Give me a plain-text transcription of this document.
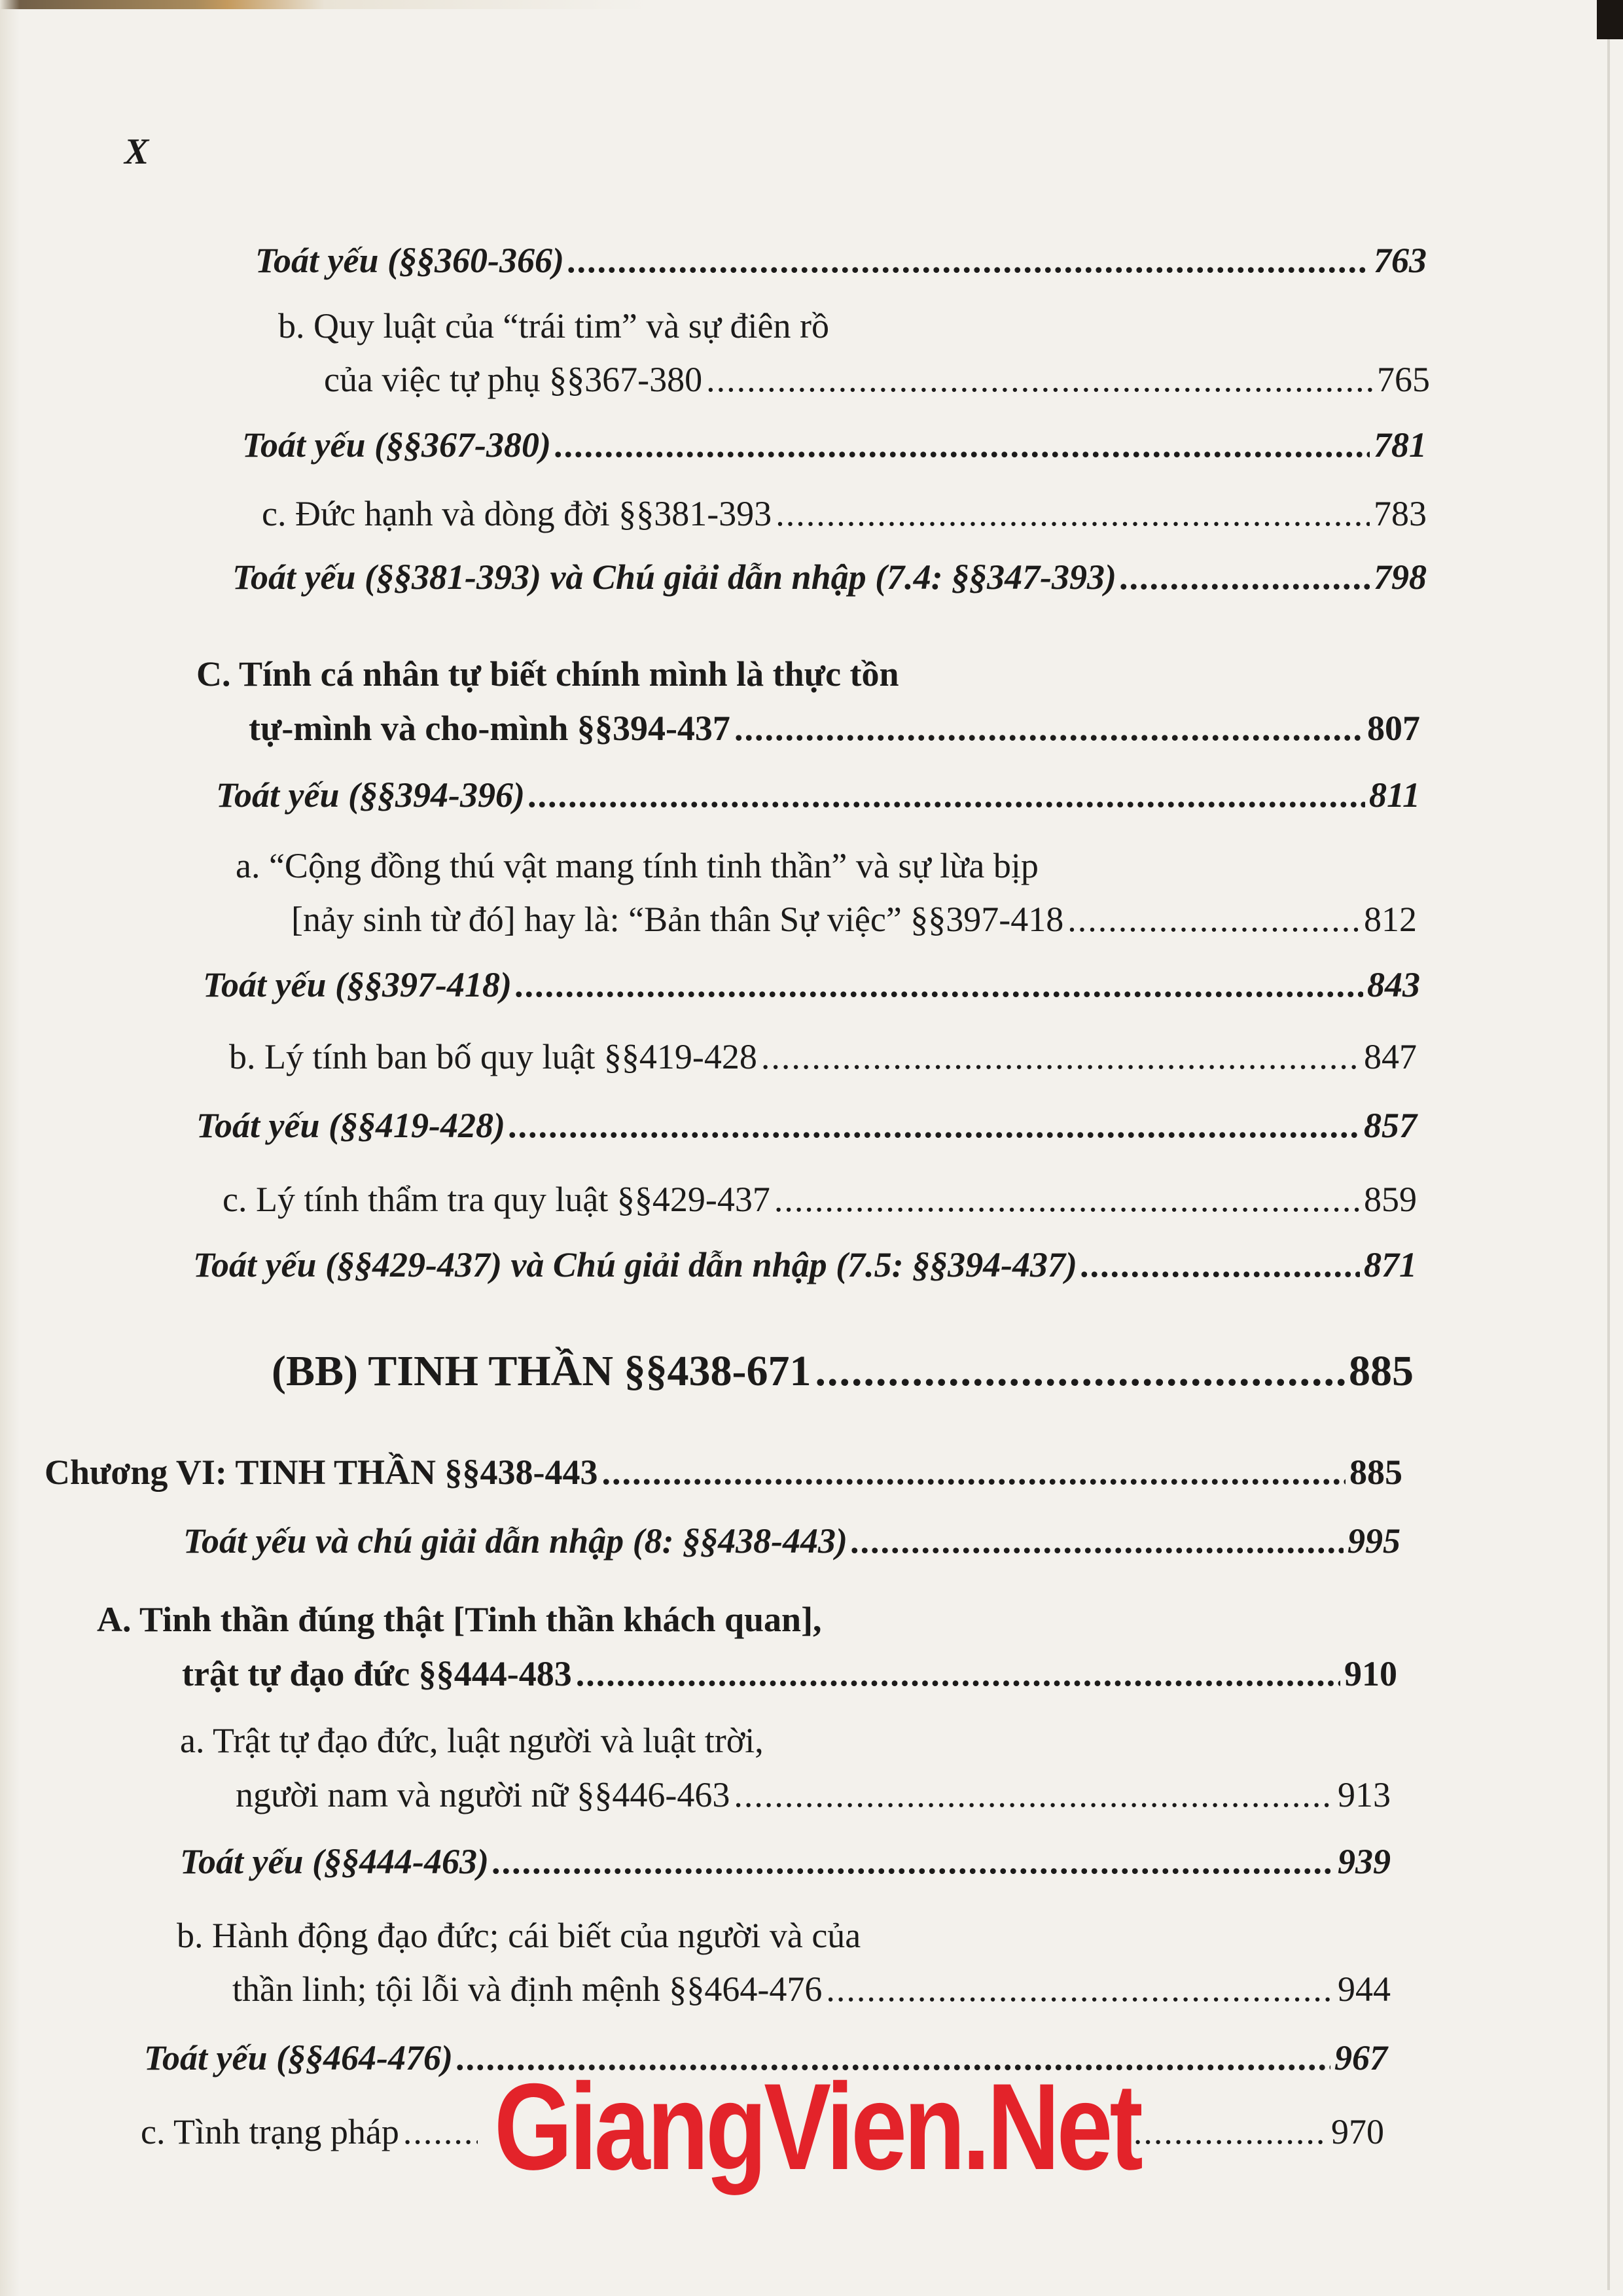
X
Toát yếu (§§360-366) .....	763
b. Quy luật của “trái tim” và sự điên rồ
của việc tự phụ §§367-380 .....	765
Toát yếu (§§367-380) .....	781
c. Đức hạnh và dòng đời §§381-393 .....	783
Toát yếu (§§381-393) và Chú giải dẫn nhập (7.4: §§347-393) .....	798
C. Tính cá nhân tự biết chính mình là thực tồn
tự-mình và cho-mình §§394-437 .....	807
Toát yếu (§§394-396) .....	811
a. “Cộng đồng thú vật mang tính tinh thần” và sự lừa bịp
[nảy sinh từ đó] hay là: “Bản thân Sự việc” §§397-418 .....	812
Toát yếu (§§397-418) .....	843
b. Lý tính ban bố quy luật §§419-428 .....	847
Toát yếu (§§419-428) .....	857
c. Lý tính thẩm tra quy luật §§429-437 .....	859
Toát yếu (§§429-437) và Chú giải dẫn nhập (7.5: §§394-437) .....	871
(BB) TINH THẦN §§438-671 .....	885
Chương VI: TINH THẦN §§438-443 .....	885
Toát yếu và chú giải dẫn nhập (8: §§438-443) .....	995
A. Tinh thần đúng thật [Tinh thần khách quan],
trật tự đạo đức §§444-483 .....	910
a. Trật tự đạo đức, luật người và luật trời,
người nam và người nữ §§446-463 .....	913
Toát yếu (§§444-463) .....	939
b. Hành động đạo đức; cái biết của người và của
thần linh; tội lỗi và định mệnh §§464-476 .....	944
Toát yếu (§§464-476) .....	967
c. Tình trạng pháp .....	970
GiangVien.Net
